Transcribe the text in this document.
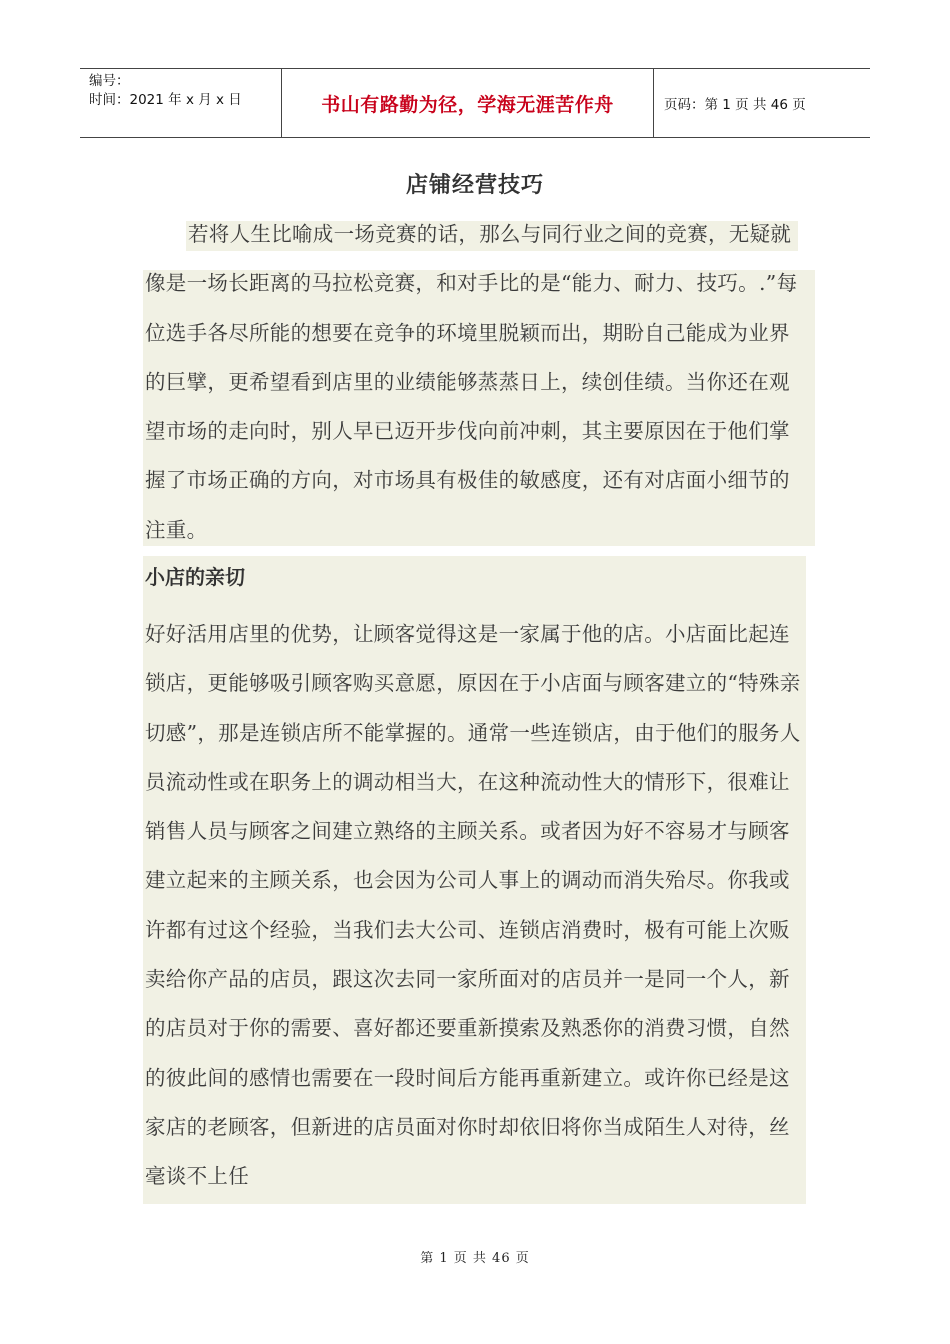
编号：
时间：2021 年 x 月 x 日	书山有路勤为径，学海无涯苦作舟	页码：第 1 页 共 46 页
店铺经营技巧

若将人生比喻成一场竞赛的话，那么与同行业之间的竞赛，无疑就像是一场长距离的马拉松竞赛，和对手比的是“能力、耐力、技巧。.”每位选手各尽所能的想要在竞争的环境里脱颖而出，期盼自己能成为业界的巨擘，更希望看到店里的业绩能够蒸蒸日上，续创佳绩。当你还在观望市场的走向时，别人早已迈开步伐向前冲刺，其主要原因在于他们掌握了市场正确的方向，对市场具有极佳的敏感度，还有对店面小细节的注重。

小店的亲切

好好活用店里的优势，让顾客觉得这是一家属于他的店。小店面比起连锁店，更能够吸引顾客购买意愿，原因在于小店面与顾客建立的“特殊亲切感”，那是连锁店所不能掌握的。通常一些连锁店，由于他们的服务人员流动性或在职务上的调动相当大，在这种流动性大的情形下，很难让销售人员与顾客之间建立熟络的主顾关系。或者因为好不容易才与顾客建立起来的主顾关系，也会因为公司人事上的调动而消失殆尽。你我或许都有过这个经验，当我们去大公司、连锁店消费时，极有可能上次贩卖给你产品的店员，跟这次去同一家所面对的店员并一是同一个人，新的店员对于你的需要、喜好都还要重新摸索及熟悉你的消费习惯，自然的彼此间的感情也需要在一段时间后方能再重新建立。或许你已经是这家店的老顾客，但新进的店员面对你时却依旧将你当成陌生人对待，丝毫谈不上任

第 1 页 共 46 页
